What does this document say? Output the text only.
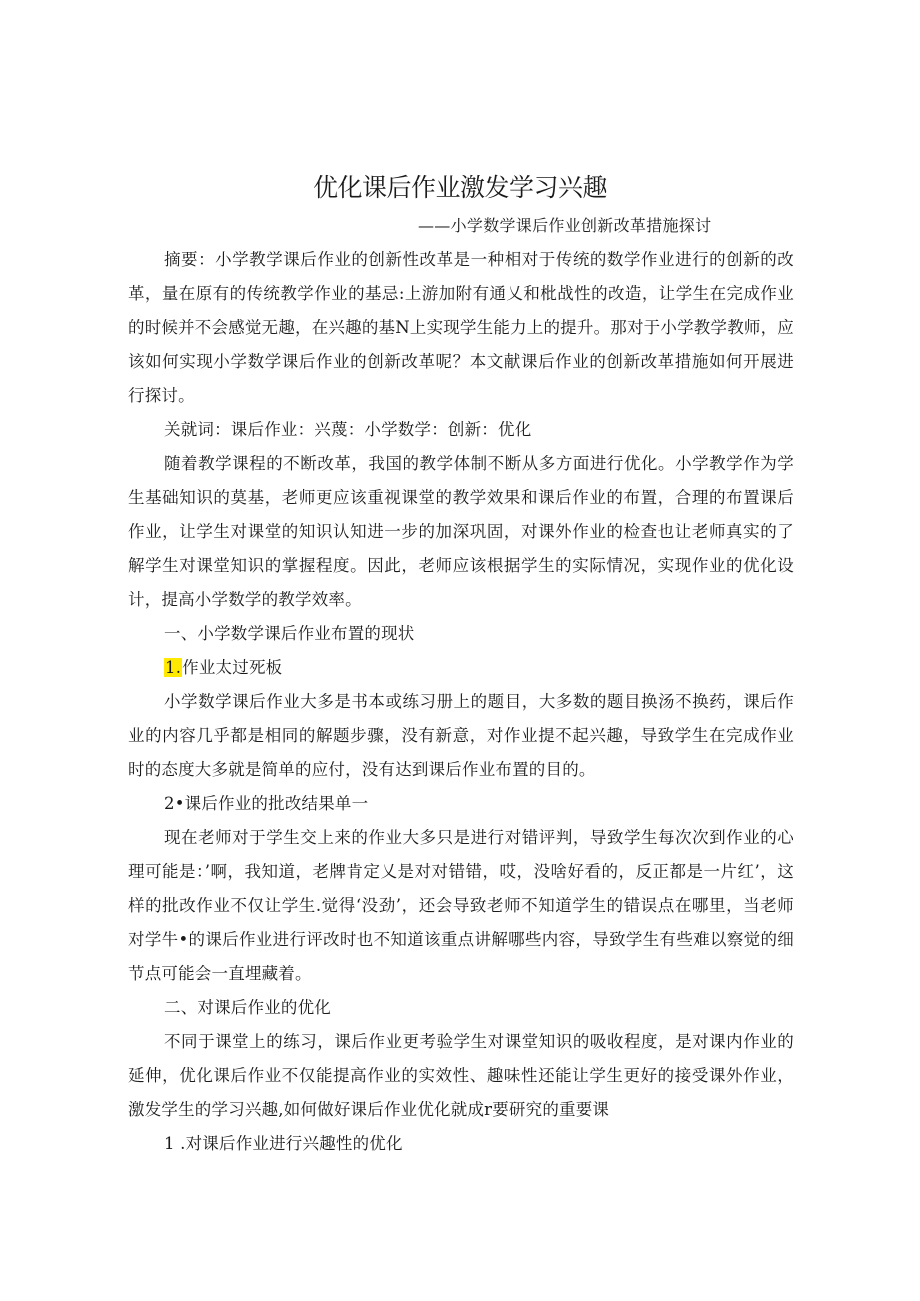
优化课后作业激发学习兴趣
——小学数学课后作业创新改革措施探讨

摘要：小学教学课后作业的创新性改革是一种相对于传统的数学作业进行的创新的改革，量在原有的传统教学作业的基忌:上游加附有通乂和枇战性的改造，让学生在完成作业的时候并不会感觉无趣，在兴趣的基N上实现学生能力上的提升。那对于小学教学教师，应该如何实现小学数学课后作业的创新改革呢？本文献课后作业的创新改革措施如何开展进行探讨。

关就词：课后作业：兴蔑：小学数学：创新：优化

随着教学课程的不断改革，我国的教学体制不断从多方面进行优化。小学教学作为学生基础知识的莫基，老师更应该重视课堂的教学效果和课后作业的布置，合理的布置课后作业，让学生对课堂的知识认知进一步的加深巩固，对课外作业的检查也让老师真实的了解学生对课堂知识的掌握程度。因此，老师应该根据学生的实际情况，实现作业的优化设计，提高小学数学的教学效率。

一、小学数学课后作业布置的现状

1.作业太过死板

小学数学课后作业大多是书本或练习册上的题目，大多数的题目换汤不换药，课后作业的内容几乎都是相同的解题步骤，没有新意，对作业提不起兴趣，导致学生在完成作业时的态度大多就是简单的应付，没有达到课后作业布置的目的。

2•课后作业的批改结果单一

现在老师对于学生交上来的作业大多只是进行对错评判，导致学生每次次到作业的心理可能是：’啊，我知道，老牌肯定乂是对对错错，哎，没啥好看的，反正都是一片红’，这样的批改作业不仅让学生.觉得‘没劲’，还会导致老师不知道学生的错误点在哪里，当老师对学牛•的课后作业进行评改时也不知道该重点讲解哪些内容，导致学生有些难以察觉的细节点可能会一直埋藏着。

二、对课后作业的优化

不同于课堂上的练习，课后作业更考验学生对课堂知识的吸收程度，是对课内作业的延伸，优化课后作业不仅能提高作业的实效性、趣味性还能让学生更好的接受课外作业，激发学生的学习兴趣,如何做好课后作业优化就成r要研究的重要课

1 .对课后作业进行兴趣性的优化
